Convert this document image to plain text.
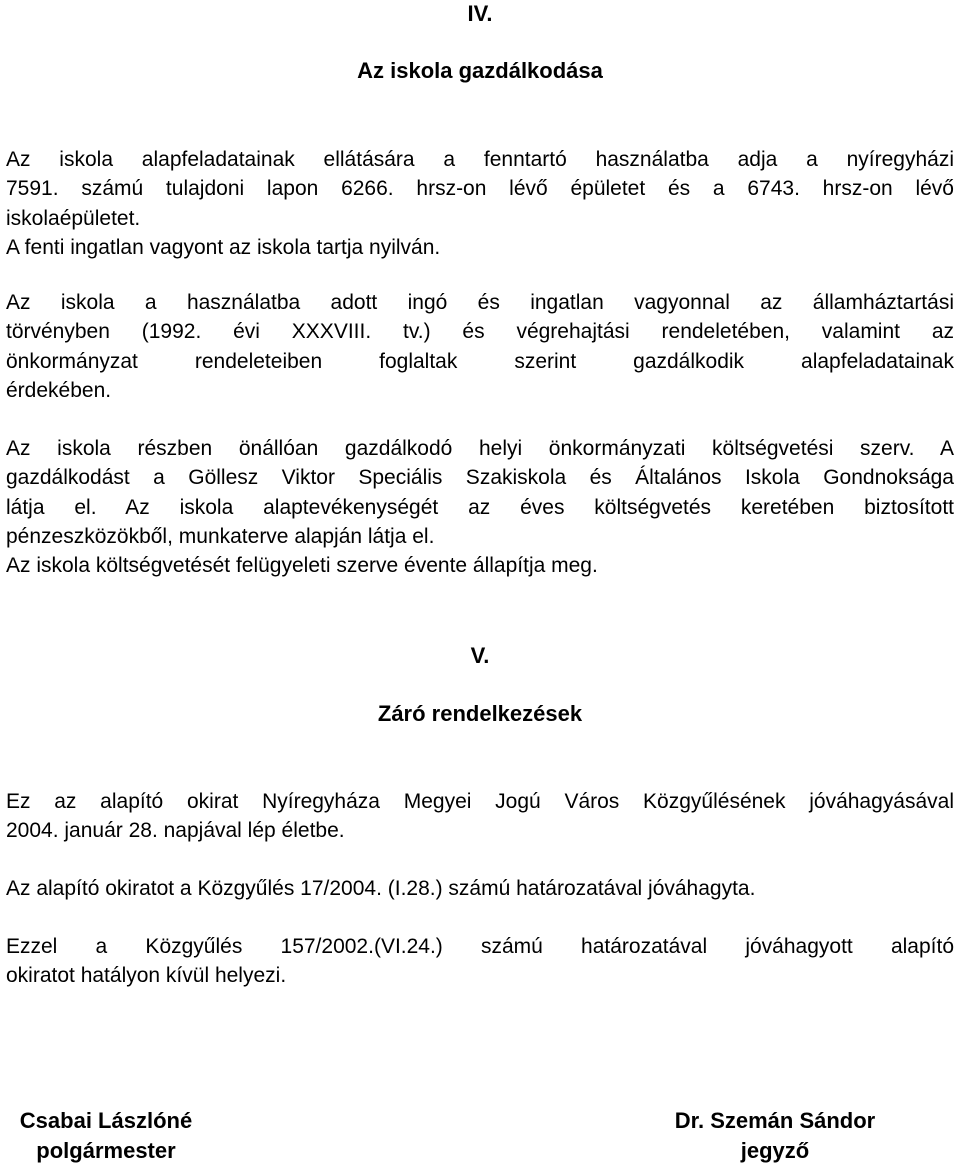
IV.
Az iskola gazdálkodása
Az iskola alapfeladatainak ellátására a fenntartó használatba adja a nyíregyházi
7591. számú tulajdoni lapon 6266. hrsz-on lévő épületet és a 6743. hrsz-on lévő
iskolaépületet.
A fenti ingatlan vagyont az iskola tartja nyilván.
Az iskola a használatba adott ingó és ingatlan vagyonnal az államháztartási
törvényben (1992. évi XXXVIII. tv.) és végrehajtási rendeletében, valamint az
önkormányzat rendeleteiben foglaltak szerint gazdálkodik alapfeladatainak
érdekében.
Az iskola részben önállóan gazdálkodó helyi önkormányzati költségvetési szerv. A
gazdálkodást a Göllesz Viktor Speciális Szakiskola és Általános Iskola Gondnoksága
látja el. Az iskola alaptevékenységét az éves költségvetés keretében biztosított
pénzeszközökből, munkaterve alapján látja el.
Az iskola költségvetését felügyeleti szerve évente állapítja meg.
V.
Záró rendelkezések
Ez az alapító okirat Nyíregyháza Megyei Jogú Város Közgyűlésének jóváhagyásával
2004. január 28. napjával lép életbe.
Az alapító okiratot a Közgyűlés 17/2004. (I.28.) számú határozatával jóváhagyta.
Ezzel a Közgyűlés 157/2002.(VI.24.) számú határozatával jóváhagyott alapító
okiratot hatályon kívül helyezi.
Csabai Lászlóné
polgármester
Dr. Szemán Sándor
jegyző
